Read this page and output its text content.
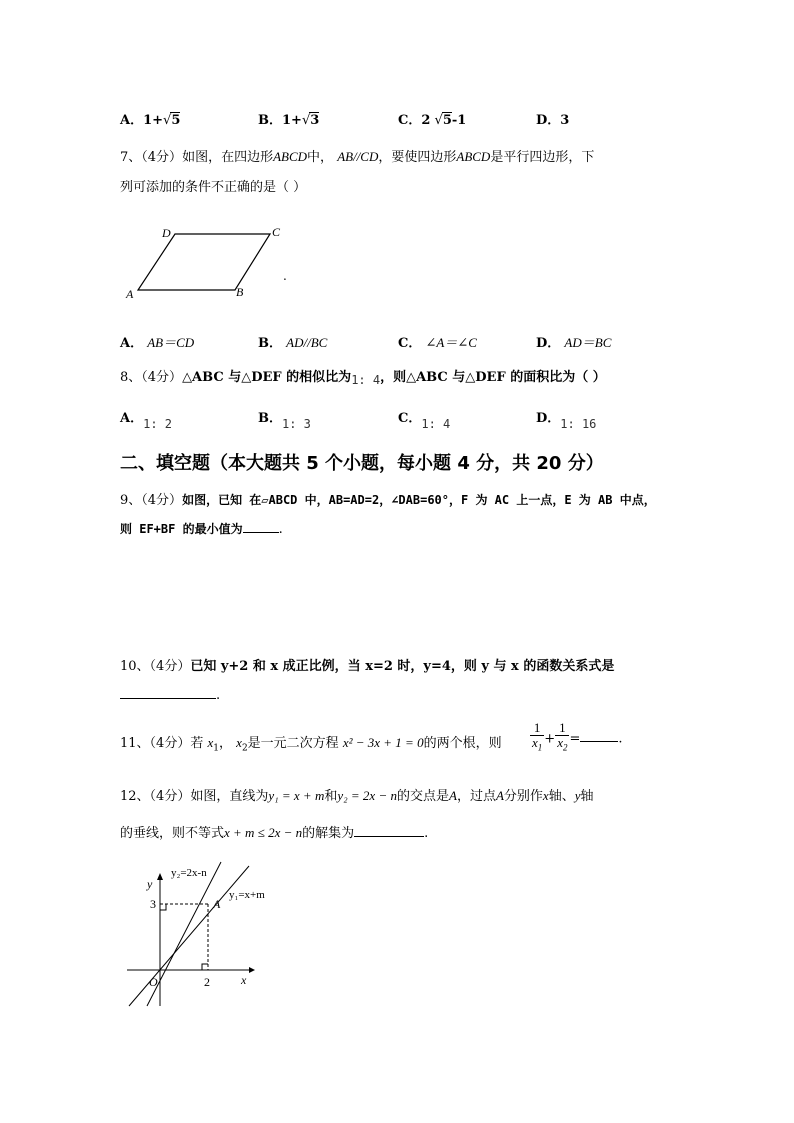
A．1+√5	B．1+√3	C．2 √5-1	D．3
7、（4分）如图，在四边形ABCD中， AB//CD，要使四边形ABCD是平行四边形，下
列可添加的条件不正确的是（ ）
D	C
A	B
.
A． AB＝CD	B． AD//BC	C． ∠A＝∠C	D． AD＝BC
8、（4分）△ABC 与△DEF 的相似比为1: 4，则△ABC 与△DEF 的面积比为（ ）
A．1: 2	B．1: 3	C．1: 4	D．1: 16
二、填空题（本大题共 5 个小题，每小题 4 分，共 20 分）
9、（4分）如图，已知 在▱ABCD 中，AB=AD=2，∠DAB=60°，F 为 AC 上一点，E 为 AB 中点，
则 EF+BF 的最小值为	.
10、（4分）已知 y+2 和 x 成正比例，当 x=2 时，y=4，则 y 与 x 的函数关系式是
.
11、（4分）若 $x_1$， $x_2$是一元二次方程 x² − 3x + 1 = 0的两个根，则 $\frac{1}{x_1} + \frac{1}{x_2}$ =	.
12、（4分）如图，直线为y₁ = x + m和y₂ = 2x − n的交点是A，过点A分别作x轴、y轴
的垂线，则不等式x + m ≤ 2x − n的解集为	.
y₂=2x-n
y₁=x+m
y
x
O
A
3
2
